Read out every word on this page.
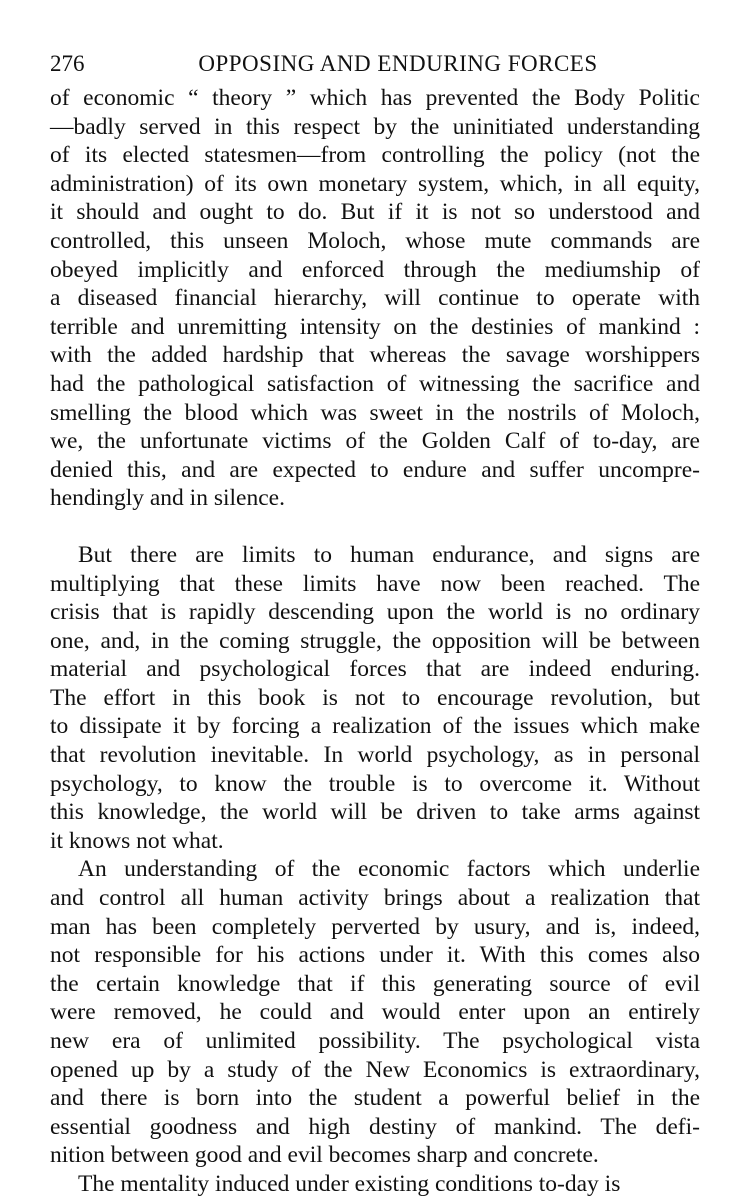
276	OPPOSING AND ENDURING FORCES
of economic “ theory ” which has prevented the Body Politic
—badly served in this respect by the uninitiated understanding
of its elected statesmen—from controlling the policy (not the
administration) of its own monetary system, which, in all equity,
it should and ought to do. But if it is not so understood and
controlled, this unseen Moloch, whose mute commands are
obeyed implicitly and enforced through the mediumship of
a diseased financial hierarchy, will continue to operate with
terrible and unremitting intensity on the destinies of mankind :
with the added hardship that whereas the savage worshippers
had the pathological satisfaction of witnessing the sacrifice and
smelling the blood which was sweet in the nostrils of Moloch,
we, the unfortunate victims of the Golden Calf of to-day, are
denied this, and are expected to endure and suffer uncompre-
hendingly and in silence.
But there are limits to human endurance, and signs are
multiplying that these limits have now been reached. The
crisis that is rapidly descending upon the world is no ordinary
one, and, in the coming struggle, the opposition will be between
material and psychological forces that are indeed enduring.
The effort in this book is not to encourage revolution, but
to dissipate it by forcing a realization of the issues which make
that revolution inevitable. In world psychology, as in personal
psychology, to know the trouble is to overcome it. Without
this knowledge, the world will be driven to take arms against
it knows not what.
An understanding of the economic factors which underlie
and control all human activity brings about a realization that
man has been completely perverted by usury, and is, indeed,
not responsible for his actions under it. With this comes also
the certain knowledge that if this generating source of evil
were removed, he could and would enter upon an entirely
new era of unlimited possibility. The psychological vista
opened up by a study of the New Economics is extraordinary,
and there is born into the student a powerful belief in the
essential goodness and high destiny of mankind. The defi-
nition between good and evil becomes sharp and concrete.
The mentality induced under existing conditions to-day is
